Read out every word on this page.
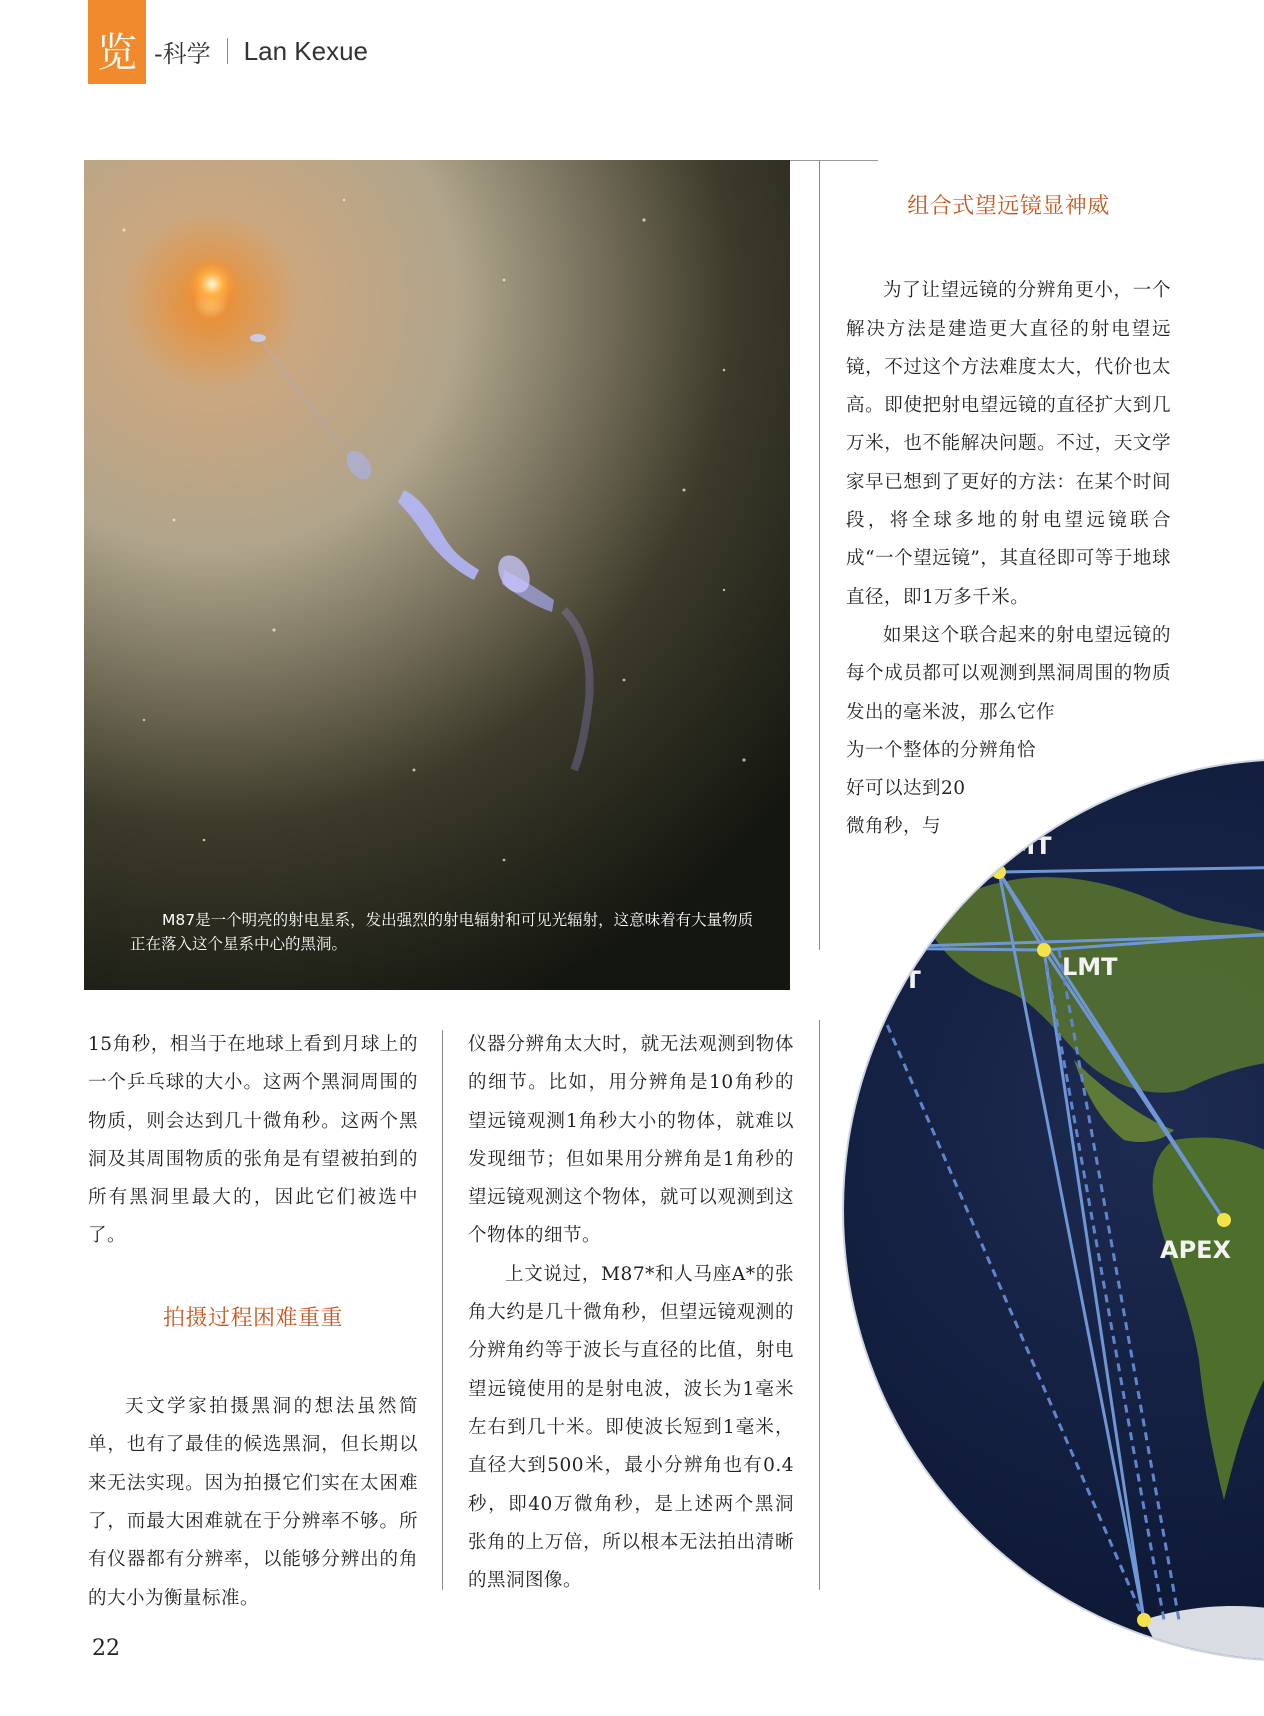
览 -科学 Lan Kexue
M87是一个明亮的射电星系，发出强烈的射电辐射和可见光辐射，这意味着有大量物质正在落入这个星系中心的黑洞。

15角秒，相当于在地球上看到月球上的一个乒乓球的大小。这两个黑洞周围的物质，则会达到几十微角秒。这两个黑洞及其周围物质的张角是有望被拍到的所有黑洞里最大的，因此它们被选中了。

拍摄过程困难重重

天文学家拍摄黑洞的想法虽然简单，也有了最佳的候选黑洞，但长期以来无法实现。因为拍摄它们实在太困难了，而最大困难就在于分辨率不够。所有仪器都有分辨率，以能够分辨出的角的大小为衡量标准。

仪器分辨角太大时，就无法观测到物体的细节。比如，用分辨角是10角秒的望远镜观测1角秒大小的物体，就难以发现细节；但如果用分辨角是1角秒的望远镜观测这个物体，就可以观测到这个物体的细节。

上文说过，M87*和人马座A*的张角大约是几十微角秒，但望远镜观测的分辨角约等于波长与直径的比值，射电望远镜使用的是射电波，波长为1毫米左右到几十米。即使波长短到1毫米，直径大到500米，最小分辨角也有0.4秒，即40万微角秒，是上述两个黑洞张角的上万倍，所以根本无法拍出清晰的黑洞图像。

组合式望远镜显神威

为了让望远镜的分辨角更小，一个解决方法是建造更大直径的射电望远镜，不过这个方法难度太大，代价也太高。即使把射电望远镜的直径扩大到几万米，也不能解决问题。不过，天文学家早已想到了更好的方法：在某个时间段，将全球多地的射电望远镜联合成“一个望远镜”，其直径即可等于地球直径，即1万多千米。

如果这个联合起来的射电望远镜的每个成员都可以观测到黑洞周围的物质发出的毫米波，那么它作

为一个整体的分辨角恰

好可以达到20

微角秒，与

SMT
SMA
JCMT	LMT
APEX
22
